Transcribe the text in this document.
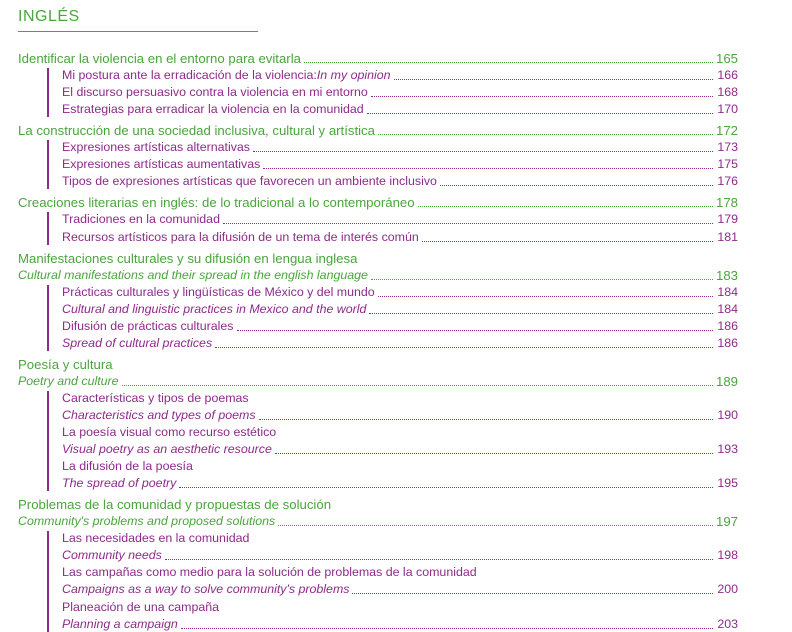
INGLÉS
Identificar la violencia en el entorno para evitarla	165
Mi postura ante la erradicación de la violencia: In my opinion	166
El discurso persuasivo contra la violencia en mi entorno	168
Estrategias para erradicar la violencia en la comunidad	170
La construcción de una sociedad inclusiva, cultural y artística	172
Expresiones artísticas alternativas	173
Expresiones artísticas aumentativas	175
Tipos de expresiones artísticas que favorecen un ambiente inclusivo	176
Creaciones literarias en inglés: de lo tradicional a lo contemporáneo	178
Tradiciones en la comunidad	179
Recursos artísticos para la difusión de un tema de interés común	181
Manifestaciones culturales y su difusión en lengua inglesa
Cultural manifestations and their spread in the english language	183
Prácticas culturales y lingüísticas de México y del mundo	184
Cultural and linguistic practices in Mexico and the world	184
Difusión de prácticas culturales	186
Spread of cultural practices	186
Poesía y cultura
Poetry and culture	189
Características y tipos de poemas
Characteristics and types of poems	190
La poesía visual como recurso estético
Visual poetry as an aesthetic resource	193
La difusión de la poesía
The spread of poetry	195
Problemas de la comunidad y propuestas de solución
Community's problems and proposed solutions	197
Las necesidades en la comunidad
Community needs	198
Las campañas como medio para la solución de problemas de la comunidad
Campaigns as a way to solve community's problems	200
Planeación de una campaña
Planning a campaign	203
